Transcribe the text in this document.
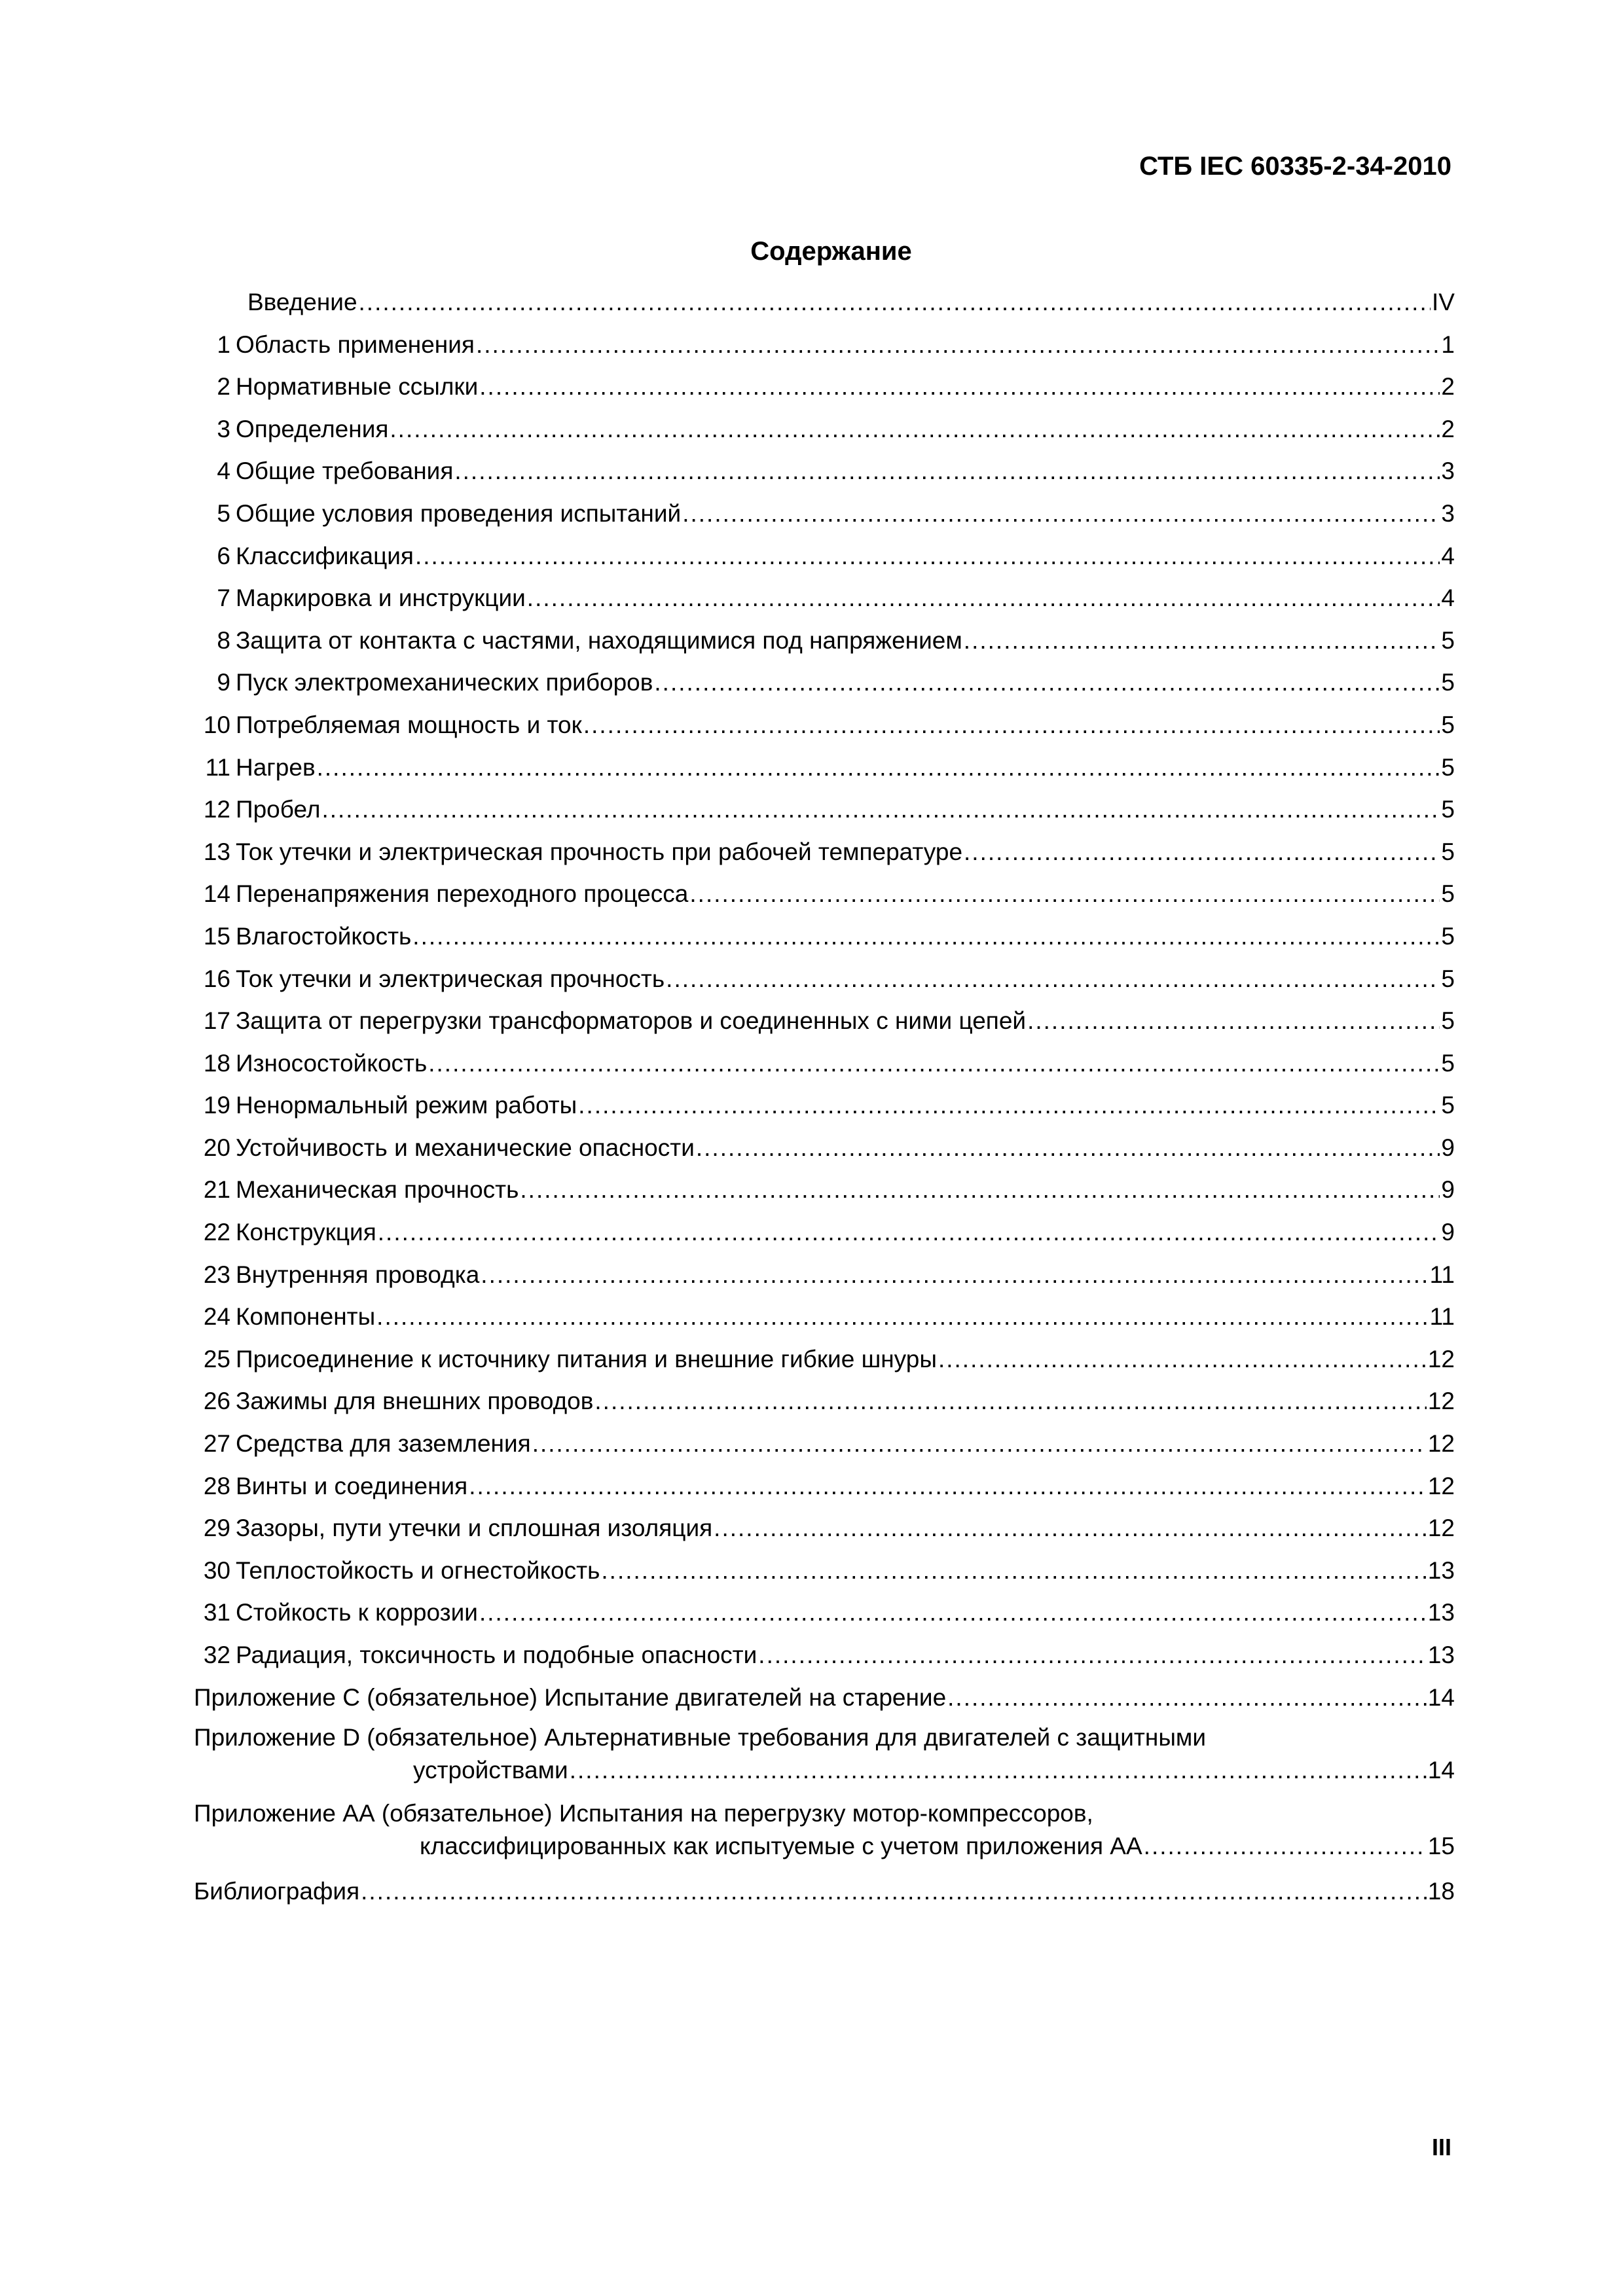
СТБ IEC 60335-2-34-2010
Содержание
Введение .....	IV
1 Область применения .....	1
2 Нормативные ссылки .....	2
3 Определения .....	2
4 Общие требования .....	3
5 Общие условия проведения испытаний .....	3
6 Классификация .....	4
7 Маркировка и инструкции .....	4
8 Защита от контакта с частями, находящимися под напряжением .....	5
9 Пуск электромеханических приборов .....	5
10 Потребляемая мощность и ток .....	5
11 Нагрев .....	5
12 Пробел .....	5
13 Ток утечки и электрическая прочность при рабочей температуре .....	5
14 Перенапряжения переходного процесса .....	5
15 Влагостойкость .....	5
16 Ток утечки и электрическая прочность .....	5
17 Защита от перегрузки трансформаторов и соединенных с ними цепей .....	5
18 Износостойкость .....	5
19 Ненормальный режим работы .....	5
20 Устойчивость и механические опасности .....	9
21 Механическая прочность .....	9
22 Конструкция .....	9
23 Внутренняя проводка .....	11
24 Компоненты .....	11
25 Присоединение к источнику питания и внешние гибкие шнуры .....	12
26 Зажимы для внешних проводов .....	12
27 Средства для заземления .....	12
28 Винты и соединения .....	12
29 Зазоры, пути утечки и сплошная изоляция .....	12
30 Теплостойкость и огнестойкость .....	13
31 Стойкость к коррозии .....	13
32 Радиация, токсичность и подобные опасности .....	13
Приложение С (обязательное) Испытание двигателей на старение .....	14
Приложение D (обязательное) Альтернативные требования для двигателей с защитными
устройствами .....	14
Приложение АА (обязательное) Испытания на перегрузку мотор-компрессоров,
классифицированных как испытуемые с учетом приложения АА .....	15
Библиография .....	18
III
